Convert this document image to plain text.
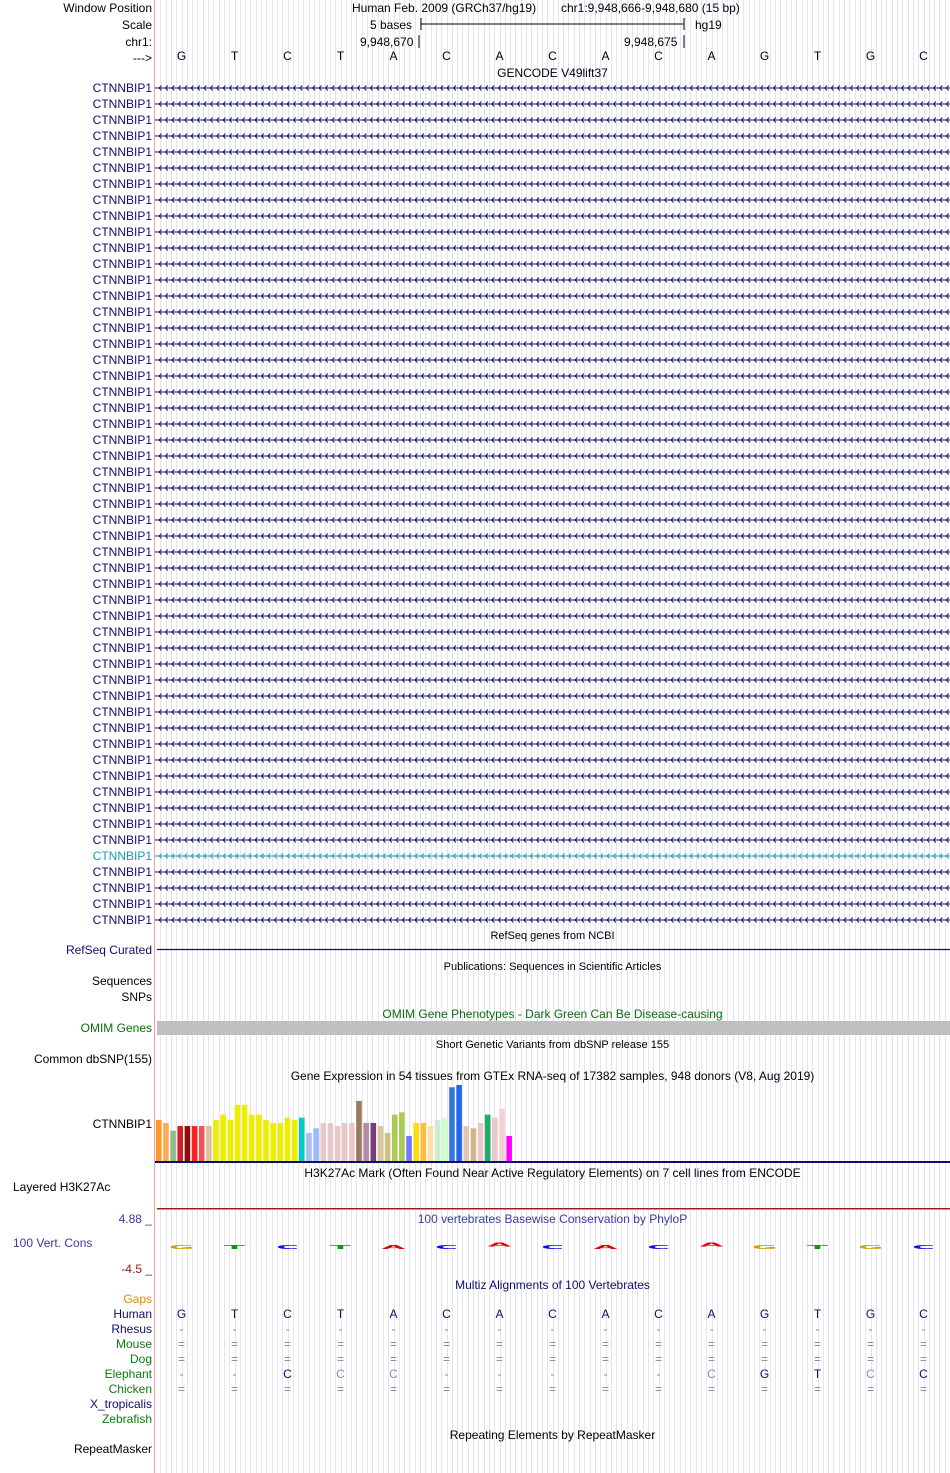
Window Position
Scale
chr1:
--->
Human Feb. 2009 (GRCh37/hg19) chr1:9,948,666-9,948,680 (15 bp)
5 bases	hg19
9,948,670	9,948,675
G	T	C	T	A	C	A	C	A	C	A	G	T	G	C
GENCODE V49lift37
CTNNBIP1
CTNNBIP1
CTNNBIP1
CTNNBIP1
CTNNBIP1
CTNNBIP1
CTNNBIP1
CTNNBIP1
CTNNBIP1
CTNNBIP1
CTNNBIP1
CTNNBIP1
CTNNBIP1
CTNNBIP1
CTNNBIP1
CTNNBIP1
CTNNBIP1
CTNNBIP1
CTNNBIP1
CTNNBIP1
CTNNBIP1
CTNNBIP1
CTNNBIP1
CTNNBIP1
CTNNBIP1
CTNNBIP1
CTNNBIP1
CTNNBIP1
CTNNBIP1
CTNNBIP1
CTNNBIP1
CTNNBIP1
CTNNBIP1
CTNNBIP1
CTNNBIP1
CTNNBIP1
CTNNBIP1
CTNNBIP1
CTNNBIP1
CTNNBIP1
CTNNBIP1
CTNNBIP1
CTNNBIP1
CTNNBIP1
CTNNBIP1
CTNNBIP1
CTNNBIP1
CTNNBIP1
CTNNBIP1
CTNNBIP1
CTNNBIP1
CTNNBIP1
CTNNBIP1
RefSeq genes from NCBI
RefSeq Curated
Publications: Sequences in Scientific Articles
Sequences
SNPs
OMIM Gene Phenotypes - Dark Green Can Be Disease-causing
OMIM Genes
Short Genetic Variants from dbSNP release 155
Common dbSNP(155)
Gene Expression in 54 tissues from GTEx RNA-seq of 17382 samples, 948 donors (V8, Aug 2019)
CTNNBIP1
H3K27Ac Mark (Often Found Near Active Regulatory Elements) on 7 cell lines from ENCODE
Layered H3K27Ac
100 vertebrates Basewise Conservation by PhyloP
4.88 _
100 Vert. Cons
-4.5 _
G	T	C	T	A	C	A	C	A	C	A	G	T	G	C
Multiz Alignments of 100 Vertebrates
Gaps
Human	G	T	C	T	A	C	A	C	A	C	A	G	T	G	C
Rhesus	-	-	-	-	-	-	-	-	-	-	-	-	-	-	-
Mouse	=	=	=	=	=	=	=	=	=	=	=	=	=	=	=
Dog	=	=	=	=	=	=	=	=	=	=	=	=	=	=	=
Elephant	-	-	C	C	C	-	-	-	-	-	C	G	T	C	C
Chicken	=	=	=	=	=	=	=	=	=	=	=	=	=	=	=
X_tropicalis
Zebrafish
Repeating Elements by RepeatMasker
RepeatMasker
